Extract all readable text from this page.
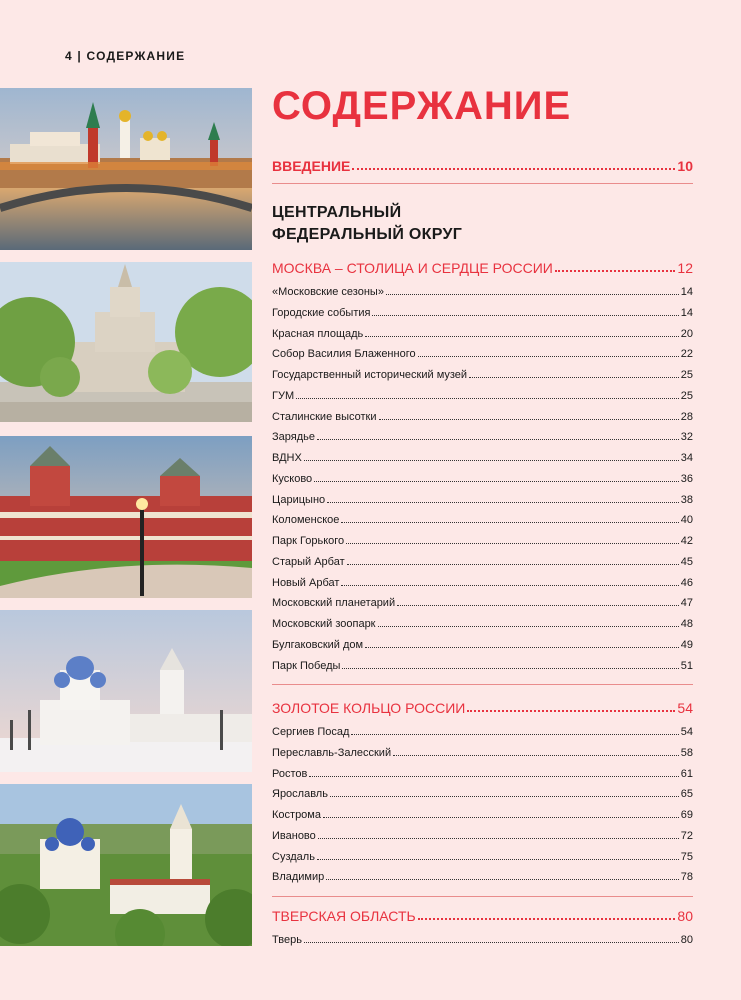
4 | СОДЕРЖАНИЕ
СОДЕРЖАНИЕ
ВВЕДЕНИЕ	10
ЦЕНТРАЛЬНЫЙ
ФЕДЕРАЛЬНЫЙ ОКРУГ
МОСКВА – СТОЛИЦА И СЕРДЦЕ РОССИИ	12
«Московские сезоны»	14
Городские события	14
Красная площадь	20
Собор Василия Блаженного	22
Государственный исторический музей	25
ГУМ	25
Сталинские высотки	28
Зарядье	32
ВДНХ	34
Кусково	36
Царицыно	38
Коломенское	40
Парк Горького	42
Старый Арбат	45
Новый Арбат	46
Московский планетарий	47
Московский зоопарк	48
Булгаковский дом	49
Парк Победы	51
ЗОЛОТОЕ КОЛЬЦО РОССИИ	54
Сергиев Посад	54
Переславль-Залесский	58
Ростов	61
Ярославль	65
Кострома	69
Иваново	72
Суздаль	75
Владимир	78
ТВЕРСКАЯ ОБЛАСТЬ	80
Тверь	80
